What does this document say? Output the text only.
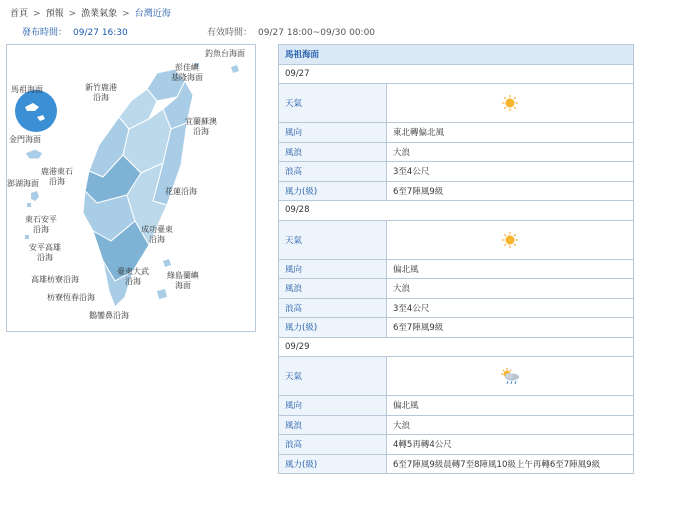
首頁 > 預報 > 漁業氣象 > 台灣近海
發布時間： 09/27 16:30	有效時間： 09/27 18:00~09/30 00:00
釣魚台海面
彭佳嶼
基隆海面
馬祖海面	新竹鹿港
沿海
宜蘭蘇澳
沿海
金門海面
鹿港東石
沿海
澎湖海面
花蓮沿海
東石安平
沿海	成功臺東
沿海
安平高雄
沿海
高雄枋寮沿海
臺東大武
沿海
綠島蘭嶼
海面
枋寮恆春沿海
鵝鑾鼻沿海
馬祖海面	
09/27	
天氣	
風向	東北轉偏北風
風浪	大浪
浪高	3至4公尺
風力(級)	6至7陣風9級
09/28	
天氣	
風向	偏北風
風浪	大浪
浪高	3至4公尺
風力(級)	6至7陣風9級
09/29	
天氣	
風向	偏北風
風浪	大浪
浪高	4轉5再轉4公尺
風力(級)	6至7陣風9級晨轉7至8陣風10級上午再轉6至7陣風9級
